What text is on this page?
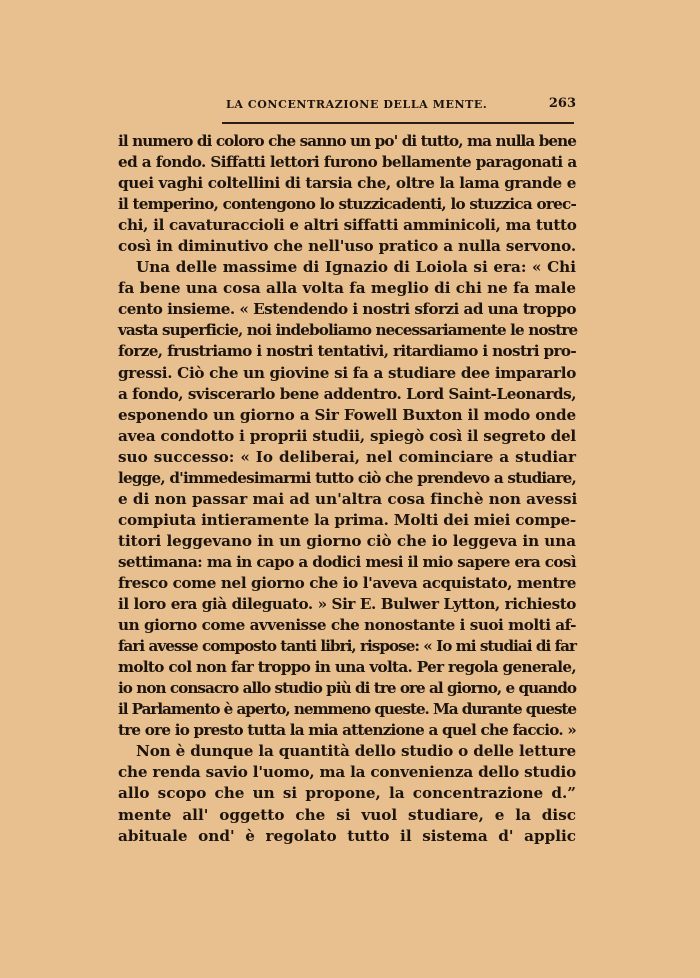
LA CONCENTRAZIONE DELLA MENTE.	263
il numero di coloro che sanno un po' di tutto, ma nulla bene
ed a fondo. Siffatti lettori furono bellamente paragonati a
quei vaghi coltellini di tarsia che, oltre la lama grande e
il temperino, contengono lo stuzzicadenti, lo stuzzica orec-
chi, il cavaturaccioli e altri siffatti amminicoli, ma tutto
così in diminutivo che nell'uso pratico a nulla servono.
Una delle massime di Ignazio di Loiola si era: « Chi
fa bene una cosa alla volta fa meglio di chi ne fa male
cento insieme. « Estendendo i nostri sforzi ad una troppo
vasta superficie, noi indeboliamo necessariamente le nostre
forze, frustriamo i nostri tentativi, ritardiamo i nostri pro-
gressi. Ciò che un giovine si fa a studiare dee impararlo
a fondo, sviscerarlo bene addentro. Lord Saint-Leonards,
esponendo un giorno a Sir Fowell Buxton il modo onde
avea condotto i proprii studii, spiegò così il segreto del
suo successo: « Io deliberai, nel cominciare a studiar
legge, d'immedesimarmi tutto ciò che prendevo a studiare,
e di non passar mai ad un'altra cosa finchè non avessi
compiuta intieramente la prima. Molti dei miei compe-
titori leggevano in un giorno ciò che io leggeva in una
settimana: ma in capo a dodici mesi il mio sapere era così
fresco come nel giorno che io l'aveva acquistato, mentre
il loro era già dileguato. » Sir E. Bulwer Lytton, richiesto
un giorno come avvenisse che nonostante i suoi molti af-
fari avesse composto tanti libri, rispose: « Io mi studiai di far
molto col non far troppo in una volta. Per regola generale,
io non consacro allo studio più di tre ore al giorno, e quando
il Parlamento è aperto, nemmeno queste. Ma durante queste
tre ore io presto tutta la mia attenzione a quel che faccio. »
Non è dunque la quantità dello studio o delle letture
che renda savio l'uomo, ma la convenienza dello studio
allo scopo che un si propone, la concentrazione d.”
mente all' oggetto che si vuol studiare, e la disc
abituale ond' è regolato tutto il sistema d' applic
